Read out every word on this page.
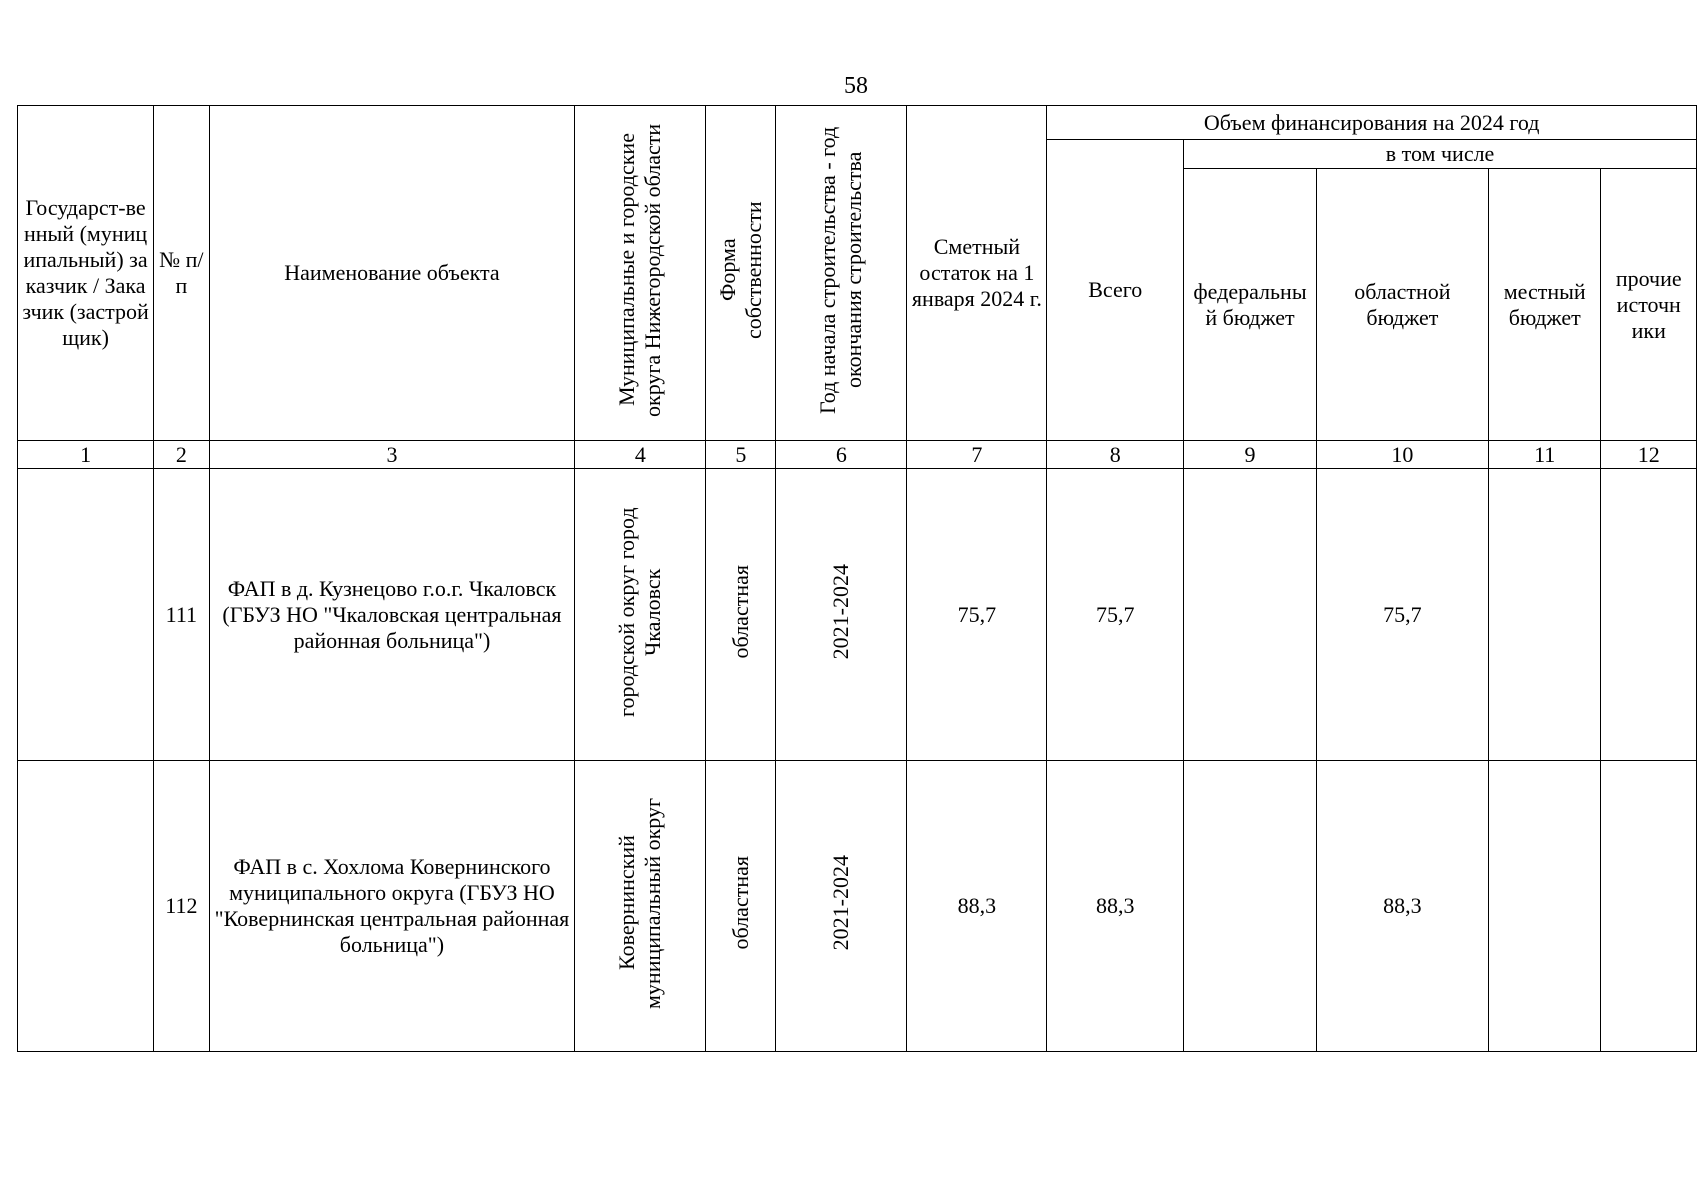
58
Государст-венный (муниципальный) заказчик / Заказчик (застройщик)	№ п/п	Наименование объекта	Муниципальные и городские округа Нижегородской области	Форма собственности	Год начала строительства - год окончания строительства	Сметный остаток на 1 января 2024 г.	Объем финансирования на 2024 год				

							Всего	в том числе			

								федеральный бюджет	областной бюджет	местный бюджет	прочие источники

1	2	3	4	5	6	7	8	9	10	11	12
	111	ФАП в д. Кузнецово г.о.г. Чкаловск (ГБУЗ НО "Чкаловская центральная районная больница")	городской округ город Чкаловск	областная	2021-2024	75,7	75,7		75,7		
	112	ФАП в с. Хохлома Ковернинского муниципального округа (ГБУЗ НО "Ковернинская центральная районная больница")	Ковернинский муниципальный округ	областная	2021-2024	88,3	88,3		88,3		
